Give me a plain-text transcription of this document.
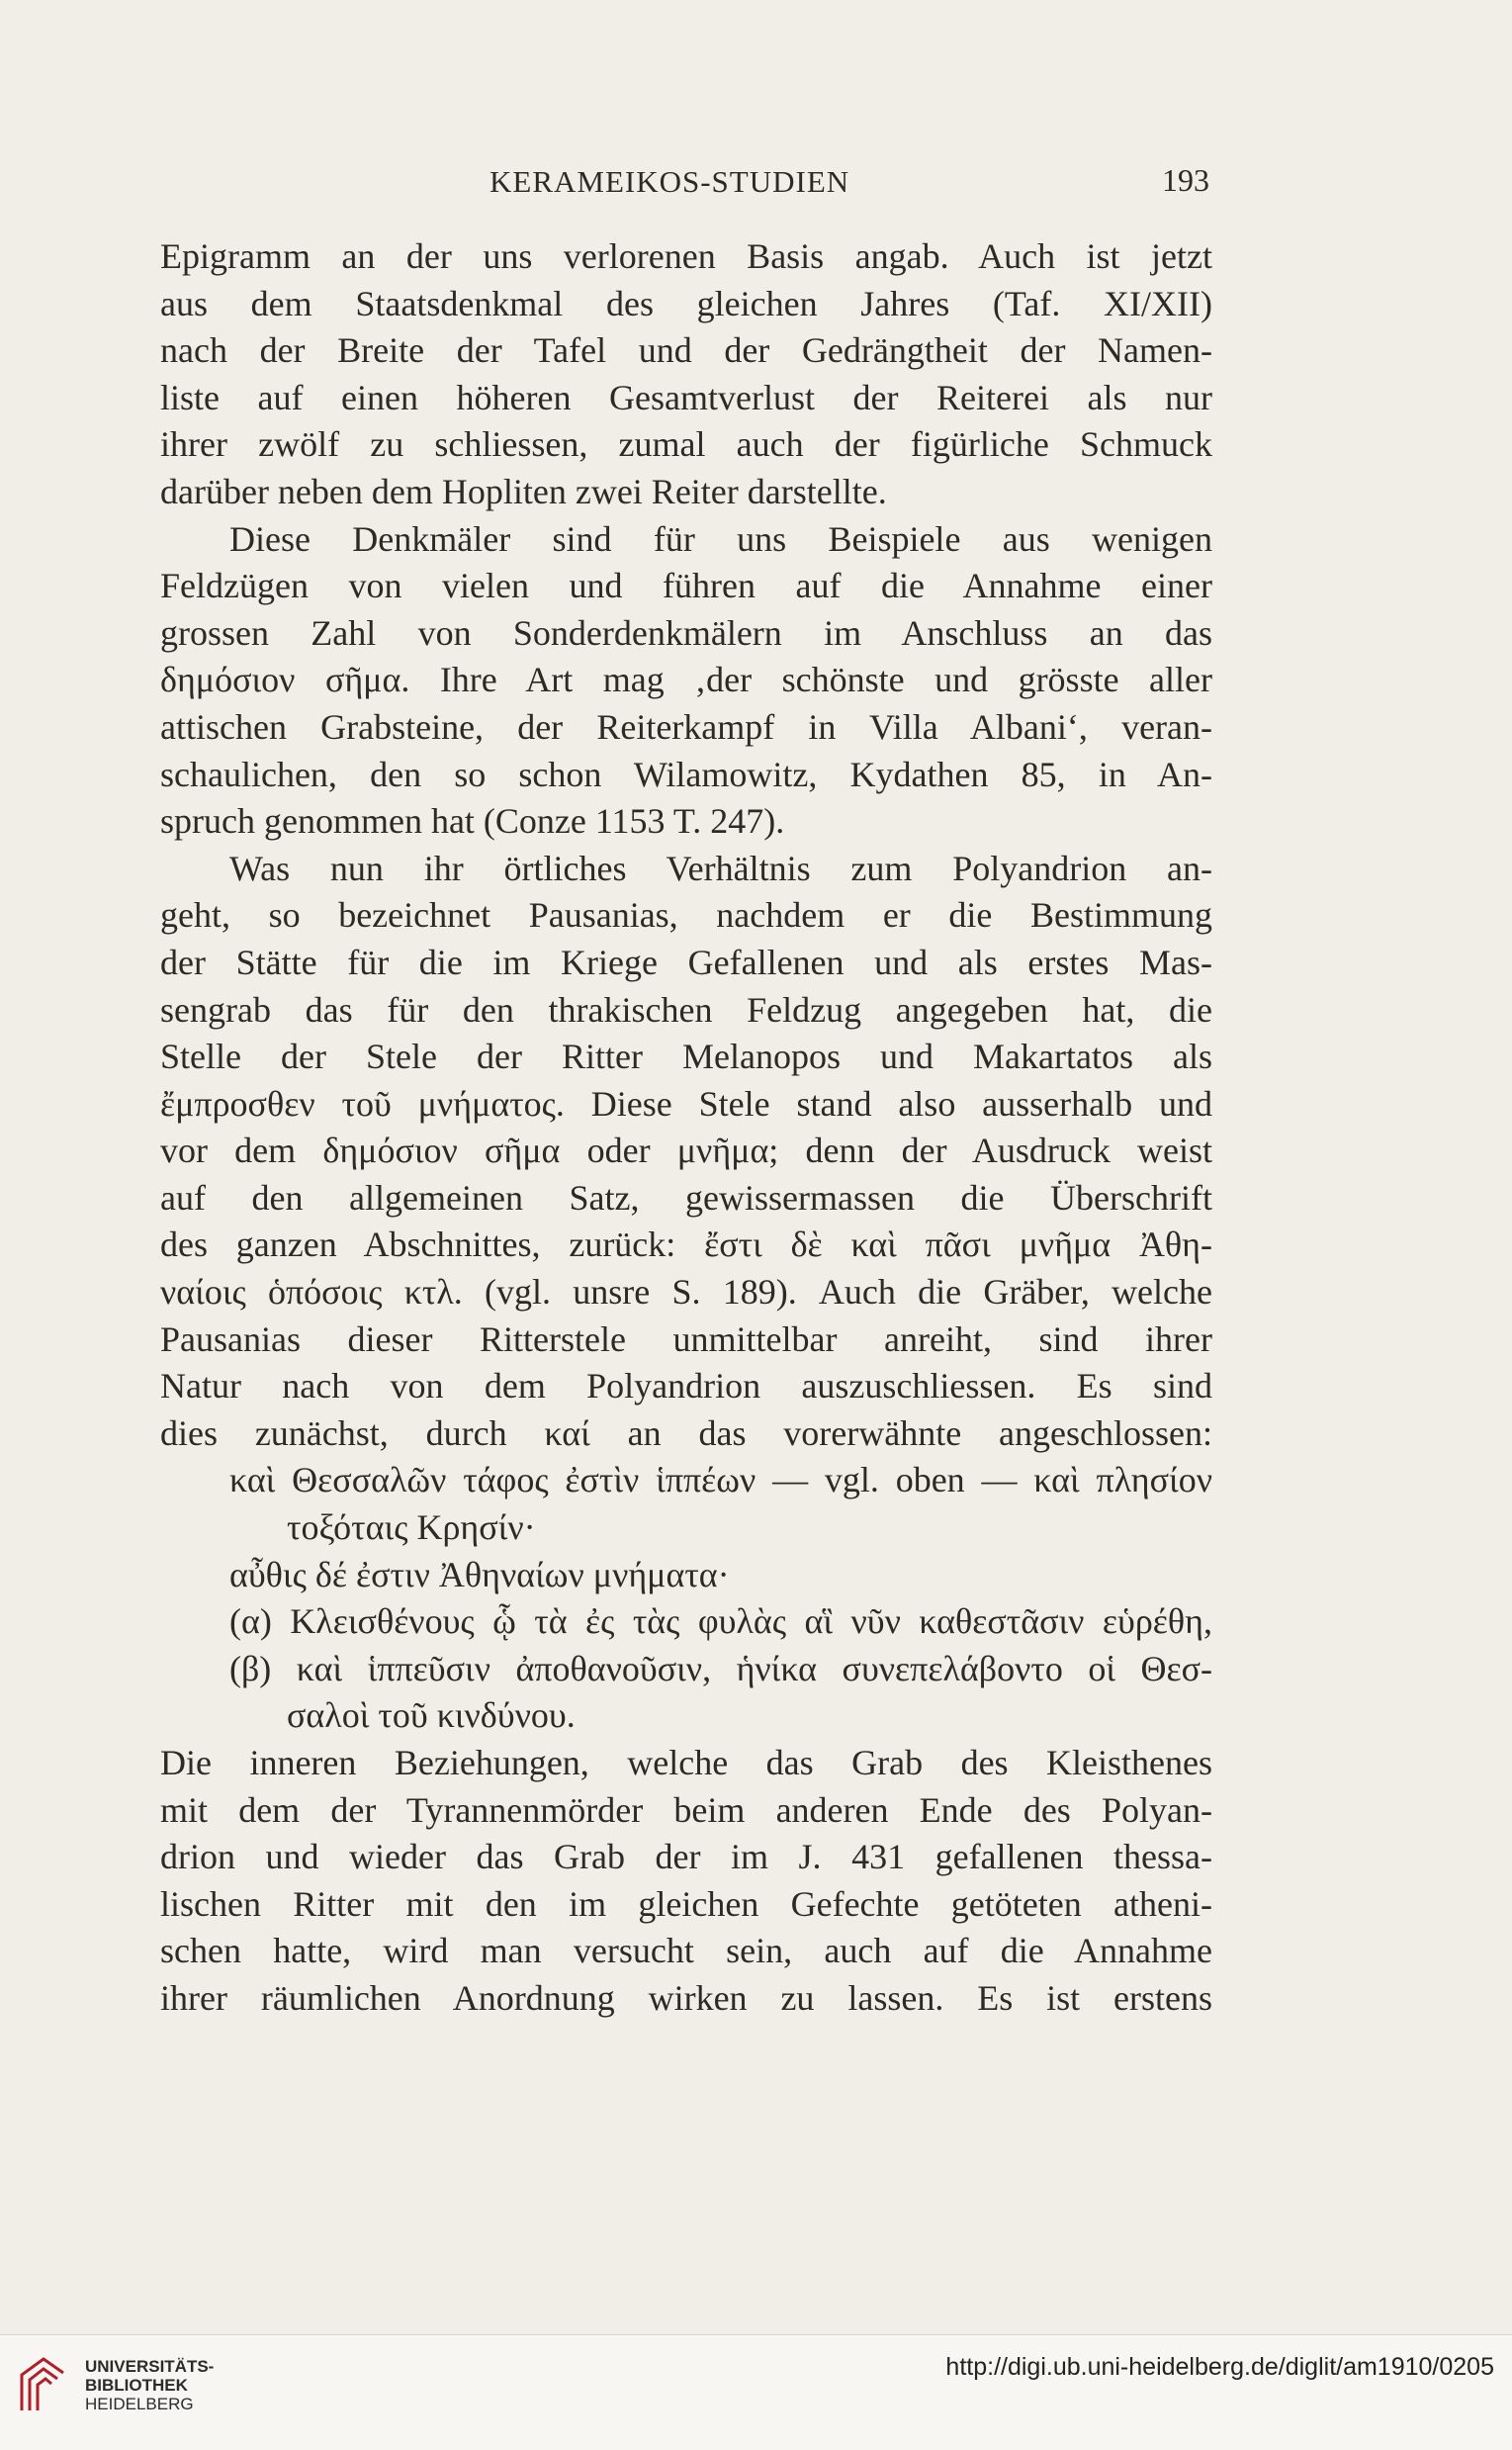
KERAMEIKOS-STUDIEN	193
Epigramm an der uns verlorenen Basis angab. Auch ist jetzt
aus dem Staatsdenkmal des gleichen Jahres (Taf. XI/XII)
nach der Breite der Tafel und der Gedrängtheit der Namen-
liste auf einen höheren Gesamtverlust der Reiterei als nur
ihrer zwölf zu schliessen, zumal auch der figürliche Schmuck
darüber neben dem Hopliten zwei Reiter darstellte.
Diese Denkmäler sind für uns Beispiele aus wenigen
Feldzügen von vielen und führen auf die Annahme einer
grossen Zahl von Sonderdenkmälern im Anschluss an das
δημόσιον σῆμα. Ihre Art mag ‚der schönste und grösste aller
attischen Grabsteine, der Reiterkampf in Villa Albani‘, veran-
schaulichen, den so schon Wilamowitz, Kydathen 85, in An-
spruch genommen hat (Conze 1153 T. 247).
Was nun ihr örtliches Verhältnis zum Polyandrion an-
geht, so bezeichnet Pausanias, nachdem er die Bestimmung
der Stätte für die im Kriege Gefallenen und als erstes Mas-
sengrab das für den thrakischen Feldzug angegeben hat, die
Stelle der Stele der Ritter Melanopos und Makartatos als
ἔμπροσθεν τοῦ μνήματος. Diese Stele stand also ausserhalb und
vor dem δημόσιον σῆμα oder μνῆμα; denn der Ausdruck weist
auf den allgemeinen Satz, gewissermassen die Überschrift
des ganzen Abschnittes, zurück: ἔστι δὲ καὶ πᾶσι μνῆμα Ἀθη-
ναίοις ὁπόσοις κτλ. (vgl. unsre S. 189). Auch die Gräber, welche
Pausanias dieser Ritterstele unmittelbar anreiht, sind ihrer
Natur nach von dem Polyandrion auszuschliessen. Es sind
dies zunächst, durch καί an das vorerwähnte angeschlossen:
καὶ Θεσσαλῶν τάφος ἐστὶν ἱππέων — vgl. oben — καὶ πλησίον
τοξόταις Κρησίν·
αὖθις δέ ἐστιν Ἀθηναίων μνήματα·
(α) Κλεισθένους ᾧ τὰ ἐς τὰς φυλὰς αἳ νῦν καθεστᾶσιν εὑρέθη,
(β) καὶ ἱππεῦσιν ἀποθανοῦσιν, ἡνίκα συνεπελάβοντο οἱ Θεσ-
σαλοὶ τοῦ κινδύνου.
Die inneren Beziehungen, welche das Grab des Kleisthenes
mit dem der Tyrannenmörder beim anderen Ende des Polyan-
drion und wieder das Grab der im J. 431 gefallenen thessa-
lischen Ritter mit den im gleichen Gefechte getöteten atheni-
schen hatte, wird man versucht sein, auch auf die Annahme
ihrer räumlichen Anordnung wirken zu lassen. Es ist erstens
UNIVERSITÄTS-
BIBLIOTHEK
HEIDELBERG
http://digi.ub.uni-heidelberg.de/diglit/am1910/0205
